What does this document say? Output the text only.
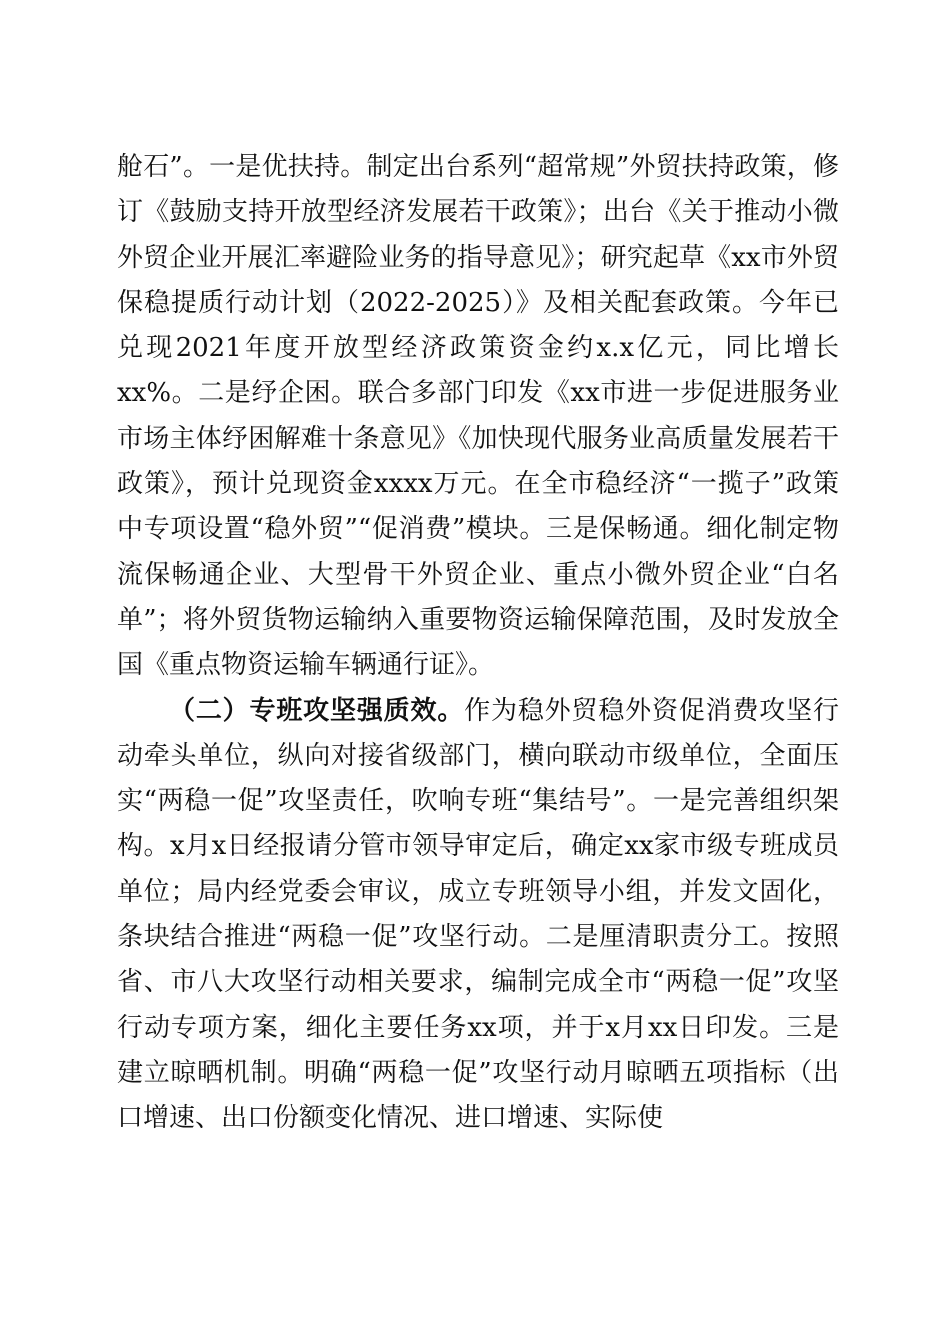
舱石”。一是优扶持。制定出台系列“超常规”外贸扶持政策，修订《鼓励支持开放型经济发展若干政策》；出台《关于推动小微外贸企业开展汇率避险业务的指导意见》；研究起草《xx市外贸保稳提质行动计划（2022-2025）》及相关配套政策。今年已兑现2021年度开放型经济政策资金约x.x亿元，同比增长xx%。二是纾企困。联合多部门印发《xx市进一步促进服务业市场主体纾困解难十条意见》《加快现代服务业高质量发展若干政策》，预计兑现资金xxxx万元。在全市稳经济“一揽子”政策中专项设置“稳外贸”“促消费”模块。三是保畅通。细化制定物流保畅通企业、大型骨干外贸企业、重点小微外贸企业“白名单”；将外贸货物运输纳入重要物资运输保障范围，及时发放全国《重点物资运输车辆通行证》。

（二）专班攻坚强质效。作为稳外贸稳外资促消费攻坚行动牵头单位，纵向对接省级部门，横向联动市级单位，全面压实“两稳一促”攻坚责任，吹响专班“集结号”。一是完善组织架构。x月x日经报请分管市领导审定后，确定xx家市级专班成员单位；局内经党委会审议，成立专班领导小组，并发文固化，条块结合推进“两稳一促”攻坚行动。二是厘清职责分工。按照省、市八大攻坚行动相关要求，编制完成全市“两稳一促”攻坚行动专项方案，细化主要任务xx项，并于x月xx日印发。三是建立晾晒机制。明确“两稳一促”攻坚行动月晾晒五项指标（出口增速、出口份额变化情况、进口增速、实际使
